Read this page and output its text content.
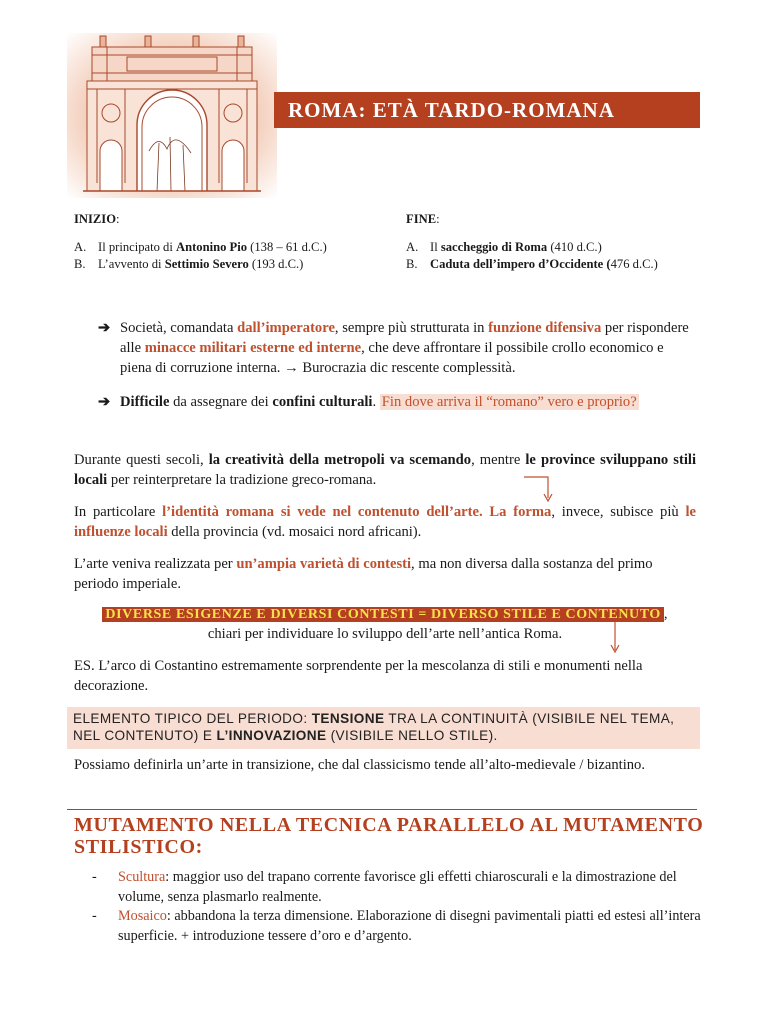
ROMA: ETÀ TARDO-ROMANA
INIZIO:
A. Il principato di Antonino Pio (138 – 61 d.C.)
B. L’avvento di Settimio Severo (193 d.C.)
FINE:
A. Il saccheggio di Roma (410 d.C.)
B. Caduta dell’impero d’Occidente (476 d.C.)
➔ Società, comandata dall’imperatore, sempre più strutturata in funzione difensiva per rispondere alle minacce militari esterne ed interne, che deve affrontare il possibile crollo economico e piena di corruzione interna. → Burocrazia dic rescente complessità.
➔ Difficile da assegnare dei confini culturali. Fin dove arriva il “romano” vero e proprio?
Durante questi secoli, la creatività della metropoli va scemando, mentre le province sviluppano stili locali per reinterpretare la tradizione greco-romana.
In particolare l’identità romana si vede nel contenuto dell’arte. La forma, invece, subisce più le influenze locali della provincia (vd. mosaici nord africani).
L’arte veniva realizzata per un’ampia varietà di contesti, ma non diversa dalla sostanza del primo periodo imperiale.
DIVERSE ESIGENZE E DIVERSI CONTESTI = DIVERSO STILE E CONTENUTO ,
chiari per individuare lo sviluppo dell’arte nell’antica Roma.
ES. L’arco di Costantino estremamente sorprendente per la mescolanza di stili e monumenti nella decorazione.
ELEMENTO TIPICO DEL PERIODO: TENSIONE TRA LA CONTINUITÀ (VISIBILE NEL TEMA, NEL CONTENUTO) E L’INNOVAZIONE (VISIBILE NELLO STILE).
Possiamo definirla un’arte in transizione, che dal classicismo tende all’alto-medievale / bizantino.
MUTAMENTO NELLA TECNICA PARALLELO AL MUTAMENTO STILISTICO:
-	Scultura: maggior uso del trapano corrente favorisce gli effetti chiaroscurali e la dimostrazione del volume, senza plasmarlo realmente.
-	Mosaico: abbandona la terza dimensione. Elaborazione di disegni pavimentali piatti ed estesi all’intera superficie. + introduzione tessere d’oro e d’argento.
